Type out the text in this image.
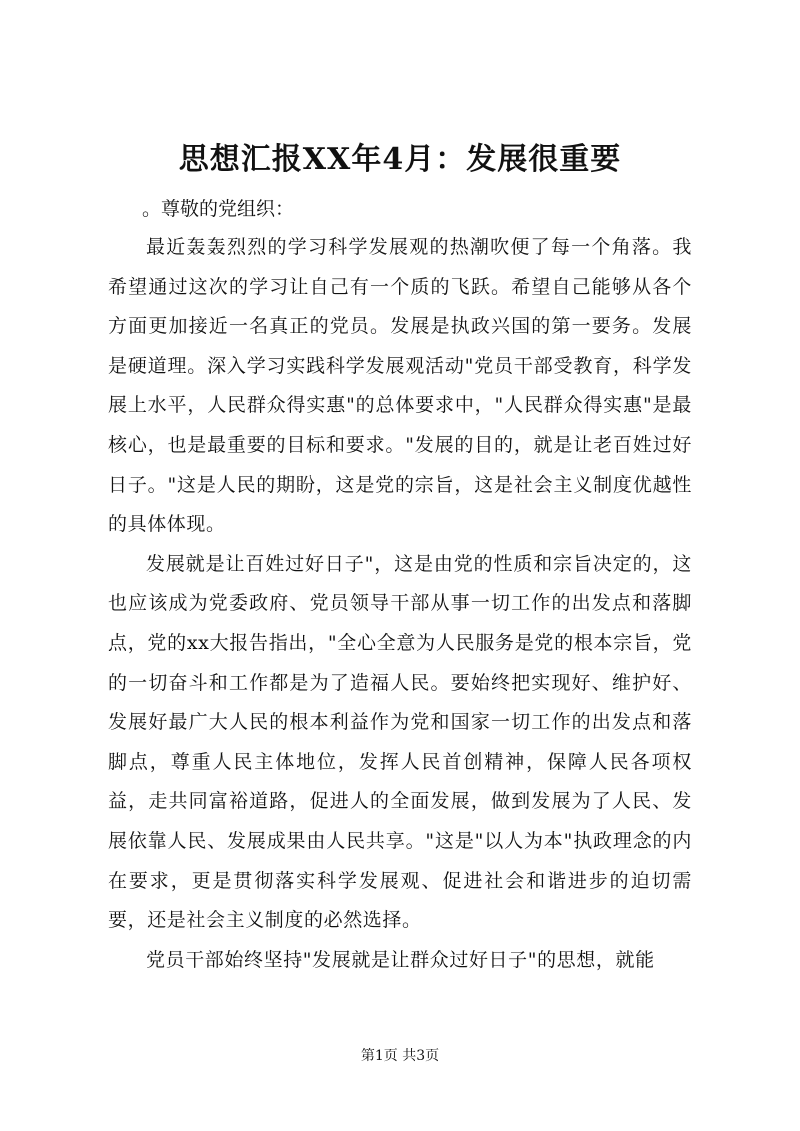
思想汇报XX年4月：发展很重要

。尊敬的党组织：

最近轰轰烈烈的学习科学发展观的热潮吹便了每一个角落。我希望通过这次的学习让自己有一个质的飞跃。希望自己能够从各个方面更加接近一名真正的党员。发展是执政兴国的第一要务。发展是硬道理。深入学习实践科学发展观活动"党员干部受教育，科学发展上水平，人民群众得实惠"的总体要求中，"人民群众得实惠"是最核心，也是最重要的目标和要求。"发展的目的，就是让老百姓过好日子。"这是人民的期盼，这是党的宗旨，这是社会主义制度优越性的具体体现。

发展就是让百姓过好日子"，这是由党的性质和宗旨决定的，这也应该成为党委政府、党员领导干部从事一切工作的出发点和落脚点，党的xx大报告指出，"全心全意为人民服务是党的根本宗旨，党的一切奋斗和工作都是为了造福人民。要始终把实现好、维护好、发展好最广大人民的根本利益作为党和国家一切工作的出发点和落脚点，尊重人民主体地位，发挥人民首创精神，保障人民各项权益，走共同富裕道路，促进人的全面发展，做到发展为了人民、发展依靠人民、发展成果由人民共享。"这是"以人为本"执政理念的内在要求，更是贯彻落实科学发展观、促进社会和谐进步的迫切需要，还是社会主义制度的必然选择。

党员干部始终坚持"发展就是让群众过好日子"的思想，就能

第1页 共3页
